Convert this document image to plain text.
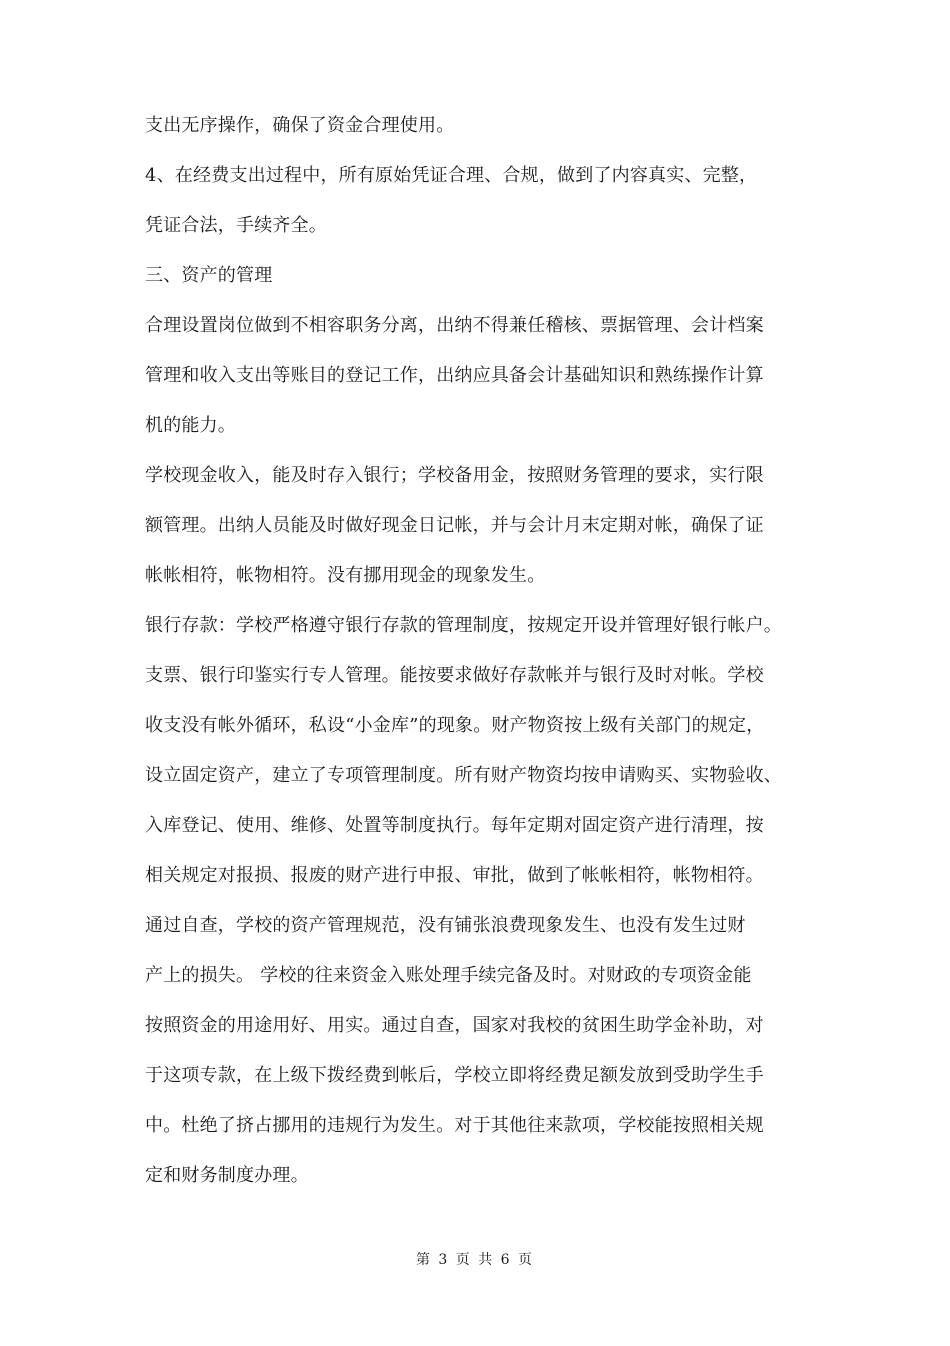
支出无序操作，确保了资金合理使用。
4、在经费支出过程中，所有原始凭证合理、合规，做到了内容真实、完整，
凭证合法，手续齐全。
三、资产的管理
合理设置岗位做到不相容职务分离，出纳不得兼任稽核、票据管理、会计档案
管理和收入支出等账目的登记工作，出纳应具备会计基础知识和熟练操作计算
机的能力。
学校现金收入，能及时存入银行；学校备用金，按照财务管理的要求，实行限
额管理。出纳人员能及时做好现金日记帐，并与会计月末定期对帐，确保了证
帐帐相符，帐物相符。没有挪用现金的现象发生。
银行存款：学校严格遵守银行存款的管理制度，按规定开设并管理好银行帐户。
支票、银行印鉴实行专人管理。能按要求做好存款帐并与银行及时对帐。学校
收支没有帐外循环，私设“小金库”的现象。财产物资按上级有关部门的规定，
设立固定资产，建立了专项管理制度。所有财产物资均按申请购买、实物验收、
入库登记、使用、维修、处置等制度执行。每年定期对固定资产进行清理，按
相关规定对报损、报废的财产进行申报、审批，做到了帐帐相符，帐物相符。
通过自查，学校的资产管理规范，没有铺张浪费现象发生、也没有发生过财
产上的损失。 学校的往来资金入账处理手续完备及时。对财政的专项资金能
按照资金的用途用好、用实。通过自查，国家对我校的贫困生助学金补助，对
于这项专款，在上级下拨经费到帐后，学校立即将经费足额发放到受助学生手
中。杜绝了挤占挪用的违规行为发生。对于其他往来款项，学校能按照相关规
定和财务制度办理。
第 3 页 共 6 页
